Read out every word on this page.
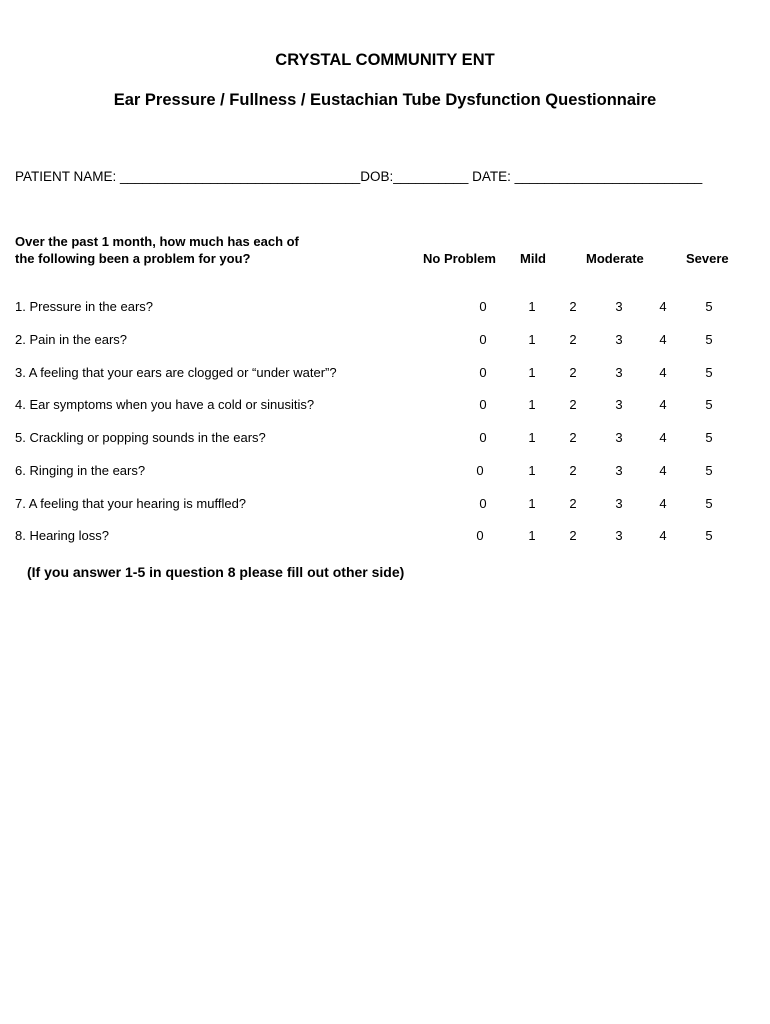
CRYSTAL COMMUNITY ENT
Ear Pressure / Fullness / Eustachian Tube Dysfunction Questionnaire
PATIENT NAME: ________________________________DOB:__________ DATE: _________________________
Over the past 1 month, how much has each of
the following been a problem for you?	No Problem Mild	Moderate	Severe
1. Pressure in the ears?	0	1	2	3	4	5
2. Pain in the ears?	0	1	2	3	4	5
3. A feeling that your ears are clogged or “under water”?	0	1	2	3	4	5
4. Ear symptoms when you have a cold or sinusitis?	0	1	2	3	4	5
5. Crackling or popping sounds in the ears?	0	1	2	3	4	5
6. Ringing in the ears?	0	1	2	3	4	5
7. A feeling that your hearing is muffled?	0	1	2	3	4	5
8. Hearing loss?	0	1	2	3	4	5
(If you answer 1-5 in question 8 please fill out other side)
